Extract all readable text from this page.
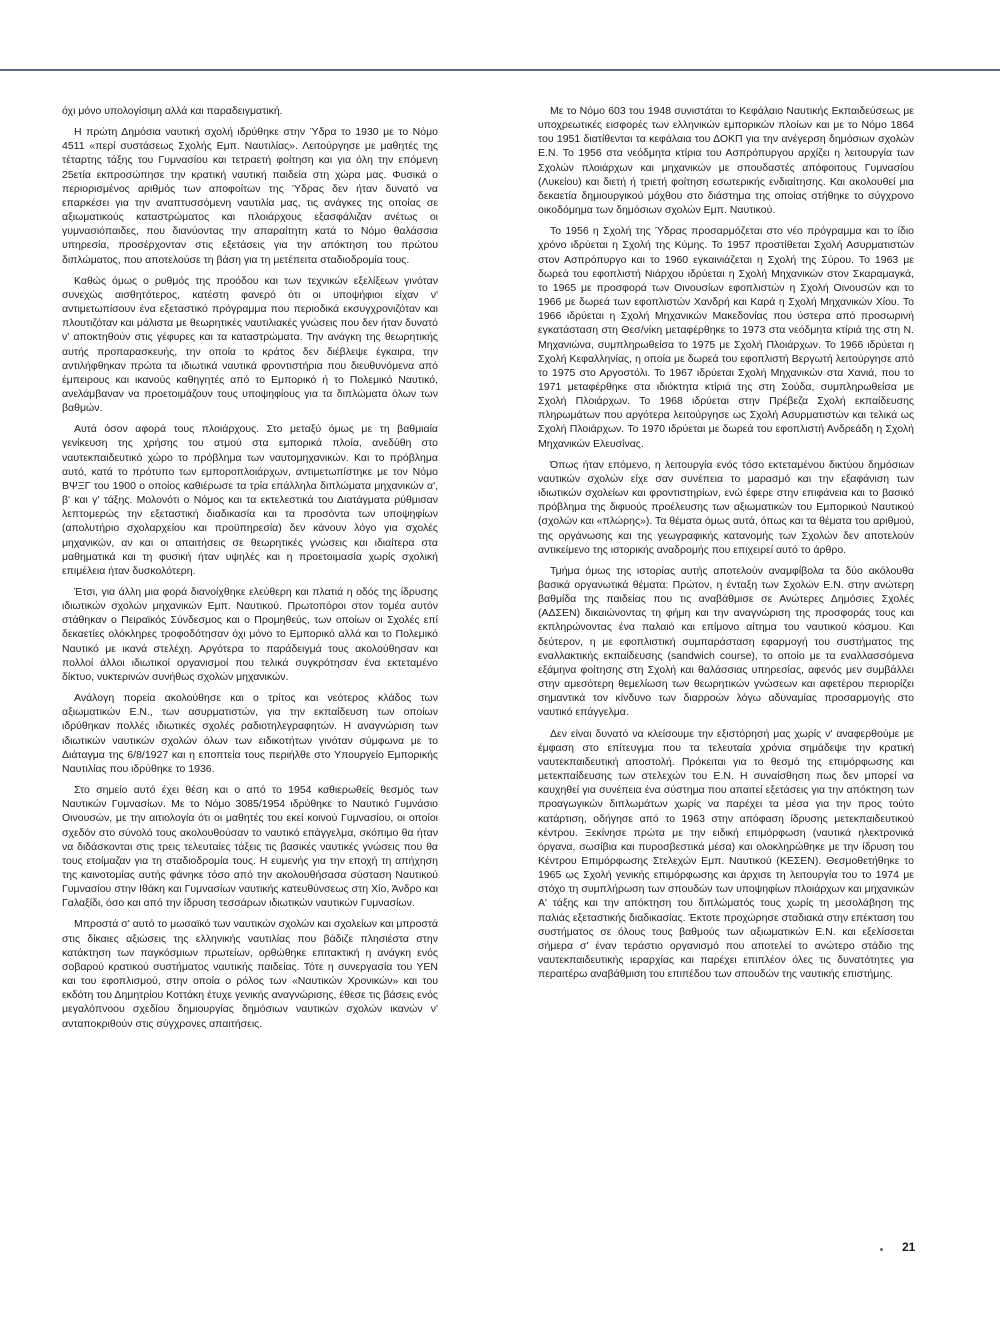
όχι μόνο υπολογίσιμη αλλά και παραδειγματική.

Η πρώτη Δημόσια ναυτική σχολή ιδρύθηκε στην Ύδρα το 1930 με το Νόμο 4511 «περί συστάσεως Σχολής Εμπ. Ναυτιλίας». Λειτούργησε με μαθητές της τέταρτης τάξης του Γυμνασίου και τετραετή φοίτηση και για όλη την επόμενη 25ετία εκπροσώπησε την κρατική ναυτική παιδεία στη χώρα μας. Φυσικά ο περιορισμένος αριθμός των αποφοίτων της Ύδρας δεν ήταν δυνατό να επαρκέσει για την αναπτυσσόμενη ναυτιλία μας, τις ανάγκες της οποίας σε αξιωματικούς καταστρώματος και πλοιάρχους εξασφάλιζαν ανέτως οι γυμνασιόπαιδες, που διανύοντας την απαραίτητη κατά το Νόμο θαλάσσια υπηρεσία, προσέρχονταν στις εξετάσεις για την απόκτηση του πρώτου διπλώματος, που αποτελούσε τη βάση για τη μετέπειτα σταδιοδρομία τους.

Καθώς όμως ο ρυθμός της προόδου και των τεχνικών εξελίξεων γινόταν συνεχώς αισθητότερος, κατέστη φανερό ότι οι υποψήφιοι είχαν ν' αντιμετωπίσουν ένα εξεταστικό πρόγραμμα που περιοδικά εκσυγχρονιζόταν και πλουτιζόταν και μάλιστα με θεωρητικές ναυτιλιακές γνώσεις που δεν ήταν δυνατό ν' αποκτηθούν στις γέφυρες και τα καταστρώματα. Την ανάγκη της θεωρητικής αυτής προπαρασκευής, την οποία το κράτος δεν διέβλεψε έγκαιρα, την αντιλήφθηκαν πρώτα τα ιδιωτικά ναυτικά φροντιστήρια που διευθυνόμενα από έμπειρους και ικανούς καθηγητές από το Εμπορικό ή το Πολεμικό Ναυτικό, ανελάμβαναν να προετοιμάζουν τους υποψηφίους για τα διπλώματα όλων των βαθμών.

Αυτά όσον αφορά τους πλοιάρχους. Στο μεταξύ όμως με τη βαθμιαία γενίκευση της χρήσης του ατμού στα εμπορικά πλοία, ανεδύθη στο ναυτεκπαιδευτικό χώρο το πρόβλημα των ναυτομηχανικών. Και το πρόβλημα αυτό, κατά το πρότυπο των εμποροπλοιάρχων, αντιμετωπίστηκε με τον Νόμο ΒΨΞΓ του 1900 ο οποίος καθιέρωσε τα τρία επάλληλα διπλώματα μηχανικών α', β' και γ' τάξης. Μολονότι ο Νόμος και τα εκτελεστικά του Διατάγματα ρύθμισαν λεπτομερώς την εξεταστική διαδικασία και τα προσόντα των υποψηφίων (απολυτήριο σχολαρχείου και προϋπηρεσία) δεν κάνουν λόγο για σχολές μηχανικών, αν και οι απαιτήσεις σε θεωρητικές γνώσεις και ιδιαίτερα στα μαθηματικά και τη φυσική ήταν υψηλές και η προετοιμασία χωρίς σχολική επιμέλεια ήταν δυσκολότερη.

Έτσι, για άλλη μια φορά διανοίχθηκε ελεύθερη και πλατιά η οδός της ίδρυσης ιδιωτικών σχολών μηχανικών Εμπ. Ναυτικού. Πρωτοπόροι στον τομέα αυτόν στάθηκαν ο Πειραϊκός Σύνδεσμος και ο Προμηθεύς, των οποίων οι Σχολές επί δεκαετίες ολόκληρες τροφοδότησαν όχι μόνο το Εμπορικό αλλά και το Πολεμικό Ναυτικό με ικανά στελέχη. Αργότερα το παράδειγμά τους ακολούθησαν και πολλοί άλλοι ιδιωτικοί οργανισμοί που τελικά συγκρότησαν ένα εκτεταμένο δίκτυο, νυκτερινών συνήθως σχολών μηχανικών.

Ανάλογη πορεία ακολούθησε και ο τρίτος και νεότερος κλάδος των αξιωματικών Ε.Ν., των ασυρματιστών, για την εκπαίδευση των οποίων ιδρύθηκαν πολλές ιδιωτικές σχολές ραδιοτηλεγραφητών. Η αναγνώριση των ιδιωτικών ναυτικών σχολών όλων των ειδικοτήτων γινόταν σύμφωνα με το Διάταγμα της 6/8/1927 και η εποπτεία τους περιήλθε στο Υπουργείο Εμπορικής Ναυτιλίας που ιδρύθηκε το 1936.

Στο σημείο αυτό έχει θέση και ο από το 1954 καθιερωθείς θεσμός των Ναυτικών Γυμνασίων. Με το Νόμο 3085/1954 ιδρύθηκε το Ναυτικό Γυμνάσιο Οινουσών, με την αιτιολογία ότι οι μαθητές του εκεί κοινού Γυμνασίου, οι οποίοι σχεδόν στο σύνολό τους ακολουθούσαν το ναυτικό επάγγελμα, σκόπιμο θα ήταν να διδάσκονται στις τρεις τελευταίες τάξεις τις βασικές ναυτικές γνώσεις που θα τους ετοίμαζαν για τη σταδιοδρομία τους. Η ευμενής για την εποχή τη απήχηση της καινοτομίας αυτής φάνηκε τόσο από την ακολουθήσασα σύσταση Ναυτικού Γυμνασίου στην Ιθάκη και Γυμνασίων ναυτικής κατευθύνσεως στη Χίο, Άνδρο και Γαλαξίδι, όσο και από την ίδρυση τεσσάρων ιδιωτικών ναυτικών Γυμνασίων.

Μπροστά σ' αυτό το μωσαϊκό των ναυτικών σχολών και σχολείων και μπροστά στις δίκαιες αξιώσεις της ελληνικής ναυτιλίας που βάδιζε πλησιέστα στην κατάκτηση των παγκόσμιων πρωτείων, ορθώθηκε επιτακτική η ανάγκη ενός σοβαρού κρατικού συστήματος ναυτικής παιδείας. Τότε η συνεργασία του ΥΕΝ και του εφοπλισμού, στην οποία ο ρόλος των «Ναυτικών Χρονικών» και του εκδότη του Δημητρίου Κοττάκη έτυχε γενικής αναγνώρισης, έθεσε τις βάσεις ενός μεγαλόπνοου σχεδίου δημιουργίας δημόσιων ναυτικών σχολών ικανών ν' ανταποκριθούν στις σύγχρονες απαιτήσεις.

Με το Νόμο 603 του 1948 συνιστάται το Κεφάλαιο Ναυτικής Εκπαιδεύσεως με υποχρεωτικές εισφορές των ελληνικών εμπορικών πλοίων και με το Νόμο 1864 του 1951 διατίθενται τα κεφάλαια του ΔΟΚΠ για την ανέγερση δημόσιων σχολών Ε.Ν. Το 1956 στα νεόδμητα κτίρια του Ασπρόπυργου αρχίζει η λειτουργία των Σχολών πλοιάρχων και μηχανικών με σπουδαστές απόφοιτους Γυμνασίου (Λυκείου) και διετή ή τριετή φοίτηση εσωτερικής ενδιαίτησης. Και ακολουθεί μια δεκαετία δημιουργικού μόχθου στο διάστημα της οποίας στήθηκε το σύγχρονο οικοδόμημα των δημόσιων σχολών Εμπ. Ναυτικού.

Το 1956 η Σχολή της Ύδρας προσαρμόζεται στο νέο πρόγραμμα και το ίδιο χρόνο ιδρύεται η Σχολή της Κύμης. Το 1957 προστίθεται Σχολή Ασυρματιστών στον Ασπρόπυργο και το 1960 εγκαινιάζεται η Σχολή της Σύρου. Το 1963 με δωρεά του εφοπλιστή Νιάρχου ιδρύεται η Σχολή Μηχανικών στον Σκαραμαγκά, το 1965 με προσφορά των Οινουσίων εφοπλιστών η Σχολή Οινουσών και το 1966 με δωρεά των εφοπλιστών Χανδρή και Καρά η Σχολή Μηχανικών Χίου. Το 1966 ιδρύεται η Σχολή Μηχανικών Μακεδονίας που ύστερα από προσωρινή εγκατάσταση στη Θεσ/νίκη μεταφέρθηκε το 1973 στα νεόδμητα κτίριά της στη Ν. Μηχανιώνα, συμπληρωθείσα το 1975 με Σχολή Πλοιάρχων. Το 1966 ιδρύεται η Σχολή Κεφαλληνίας, η οποία με δωρεά του εφοπλιστή Βεργωτή λειτούργησε από το 1975 στο Αργοστόλι. Το 1967 ιδρύεται Σχολή Μηχανικών στα Χανιά, που το 1971 μεταφέρθηκε στα ιδιόκτητα κτίριά της στη Σούδα, συμπληρωθείσα με Σχολή Πλοιάρχων. Το 1968 ιδρύεται στην Πρέβεζα Σχολή εκπαίδευσης πληρωμάτων που αργότερα λειτούργησε ως Σχολή Ασυρματιστών και τελικά ως Σχολή Πλοιάρχων. Το 1970 ιδρύεται με δωρεά του εφοπλιστή Ανδρεάδη η Σχολή Μηχανικών Ελευσίνας.

Όπως ήταν επόμενο, η λειτουργία ενός τόσο εκτεταμένου δικτύου δημόσιων ναυτικών σχολών είχε σαν συνέπεια το μαρασμό και την εξαφάνιση των ιδιωτικών σχολείων και φροντιστηρίων, ενώ έφερε στην επιφάνεια και το βασικό πρόβλημα της διφυούς προέλευσης των αξιωματικών του Εμπορικού Ναυτικού (σχολών και «πλώρης»). Τα θέματα όμως αυτά, όπως και τα θέματα του αριθμού, της οργάνωσης και της γεωγραφικής κατανομής των Σχολών δεν αποτελούν αντικείμενο της ιστορικής αναδρομής που επιχειρεί αυτό το άρθρο.

Τμήμα όμως της ιστορίας αυτής αποτελούν αναμφίβολα τα δύο ακόλουθα βασικά οργανωτικά θέματα: Πρώτον, η ένταξη των Σχολών Ε.Ν. στην ανώτερη βαθμίδα της παιδείας που τις αναβάθμισε σε Ανώτερες Δημόσιες Σχολές (ΑΔΣΕΝ) δικαιώνοντας τη φήμη και την αναγνώριση της προσφοράς τους και εκπληρώνοντας ένα παλαιό και επίμονο αίτημα του ναυτικού κόσμου. Και δεύτερον, η με εφοπλιστική συμπαράσταση εφαρμογή του συστήματος της εναλλακτικής εκπαίδευσης (sandwich course), το οποίο με τα εναλλασσόμενα εξάμηνα φοίτησης στη Σχολή και θαλάσσιας υπηρεσίας, αφενός μεν συμβάλλει στην αμεσότερη θεμελίωση των θεωρητικών γνώσεων και αφετέρου περιορίζει σημαντικά τον κίνδυνο των διαρροών λόγω αδυναμίας προσαρμογής στο ναυτικό επάγγελμα.

Δεν είναι δυνατό να κλείσουμε την εξιστόρησή μας χωρίς ν' αναφερθούμε με έμφαση στο επίτευγμα που τα τελευταία χρόνια σημάδεψε την κρατική ναυτεκπαιδευτική αποστολή. Πρόκειται για το θεσμό της επιμόρφωσης και μετεκπαίδευσης των στελεχών του Ε.Ν. Η συναίσθηση πως δεν μπορεί να καυχηθεί για συνέπεια ένα σύστημα που απαιτεί εξετάσεις για την απόκτηση των προαγωγικών διπλωμάτων χωρίς να παρέχει τα μέσα για την προς τούτο κατάρτιση, οδήγησε από το 1963 στην απόφαση ίδρυσης μετεκπαιδευτικού κέντρου. Ξεκίνησε πρώτα με την ειδική επιμόρφωση (ναυτικά ηλεκτρονικά όργανα, σωσίβια και πυροσβεστικά μέσα) και ολοκληρώθηκε με την ίδρυση του Κέντρου Επιμόρφωσης Στελεχών Εμπ. Ναυτικού (ΚΕΣΕΝ). Θεσμοθετήθηκε το 1965 ως Σχολή γενικής επιμόρφωσης και άρχισε τη λειτουργία του το 1974 με στόχο τη συμπλήρωση των σπουδών των υποψηφίων πλοιάρχων και μηχανικών Α' τάξης και την απόκτηση του διπλώματός τους χωρίς τη μεσολάβηση της παλιάς εξεταστικής διαδικασίας. Έκτοτε προχώρησε σταδιακά στην επέκταση του συστήματος σε όλους τους βαθμούς των αξιωματικών Ε.Ν. και εξελίσσεται σήμερα σ' έναν τεράστιο οργανισμό που αποτελεί το ανώτερο στάδιο της ναυτεκπαιδευτικής ιεραρχίας και παρέχει επιπλέον όλες τις δυνατότητες για περαιτέρω αναβάθμιση του επιπέδου των σπουδών της ναυτικής επιστήμης.

21
